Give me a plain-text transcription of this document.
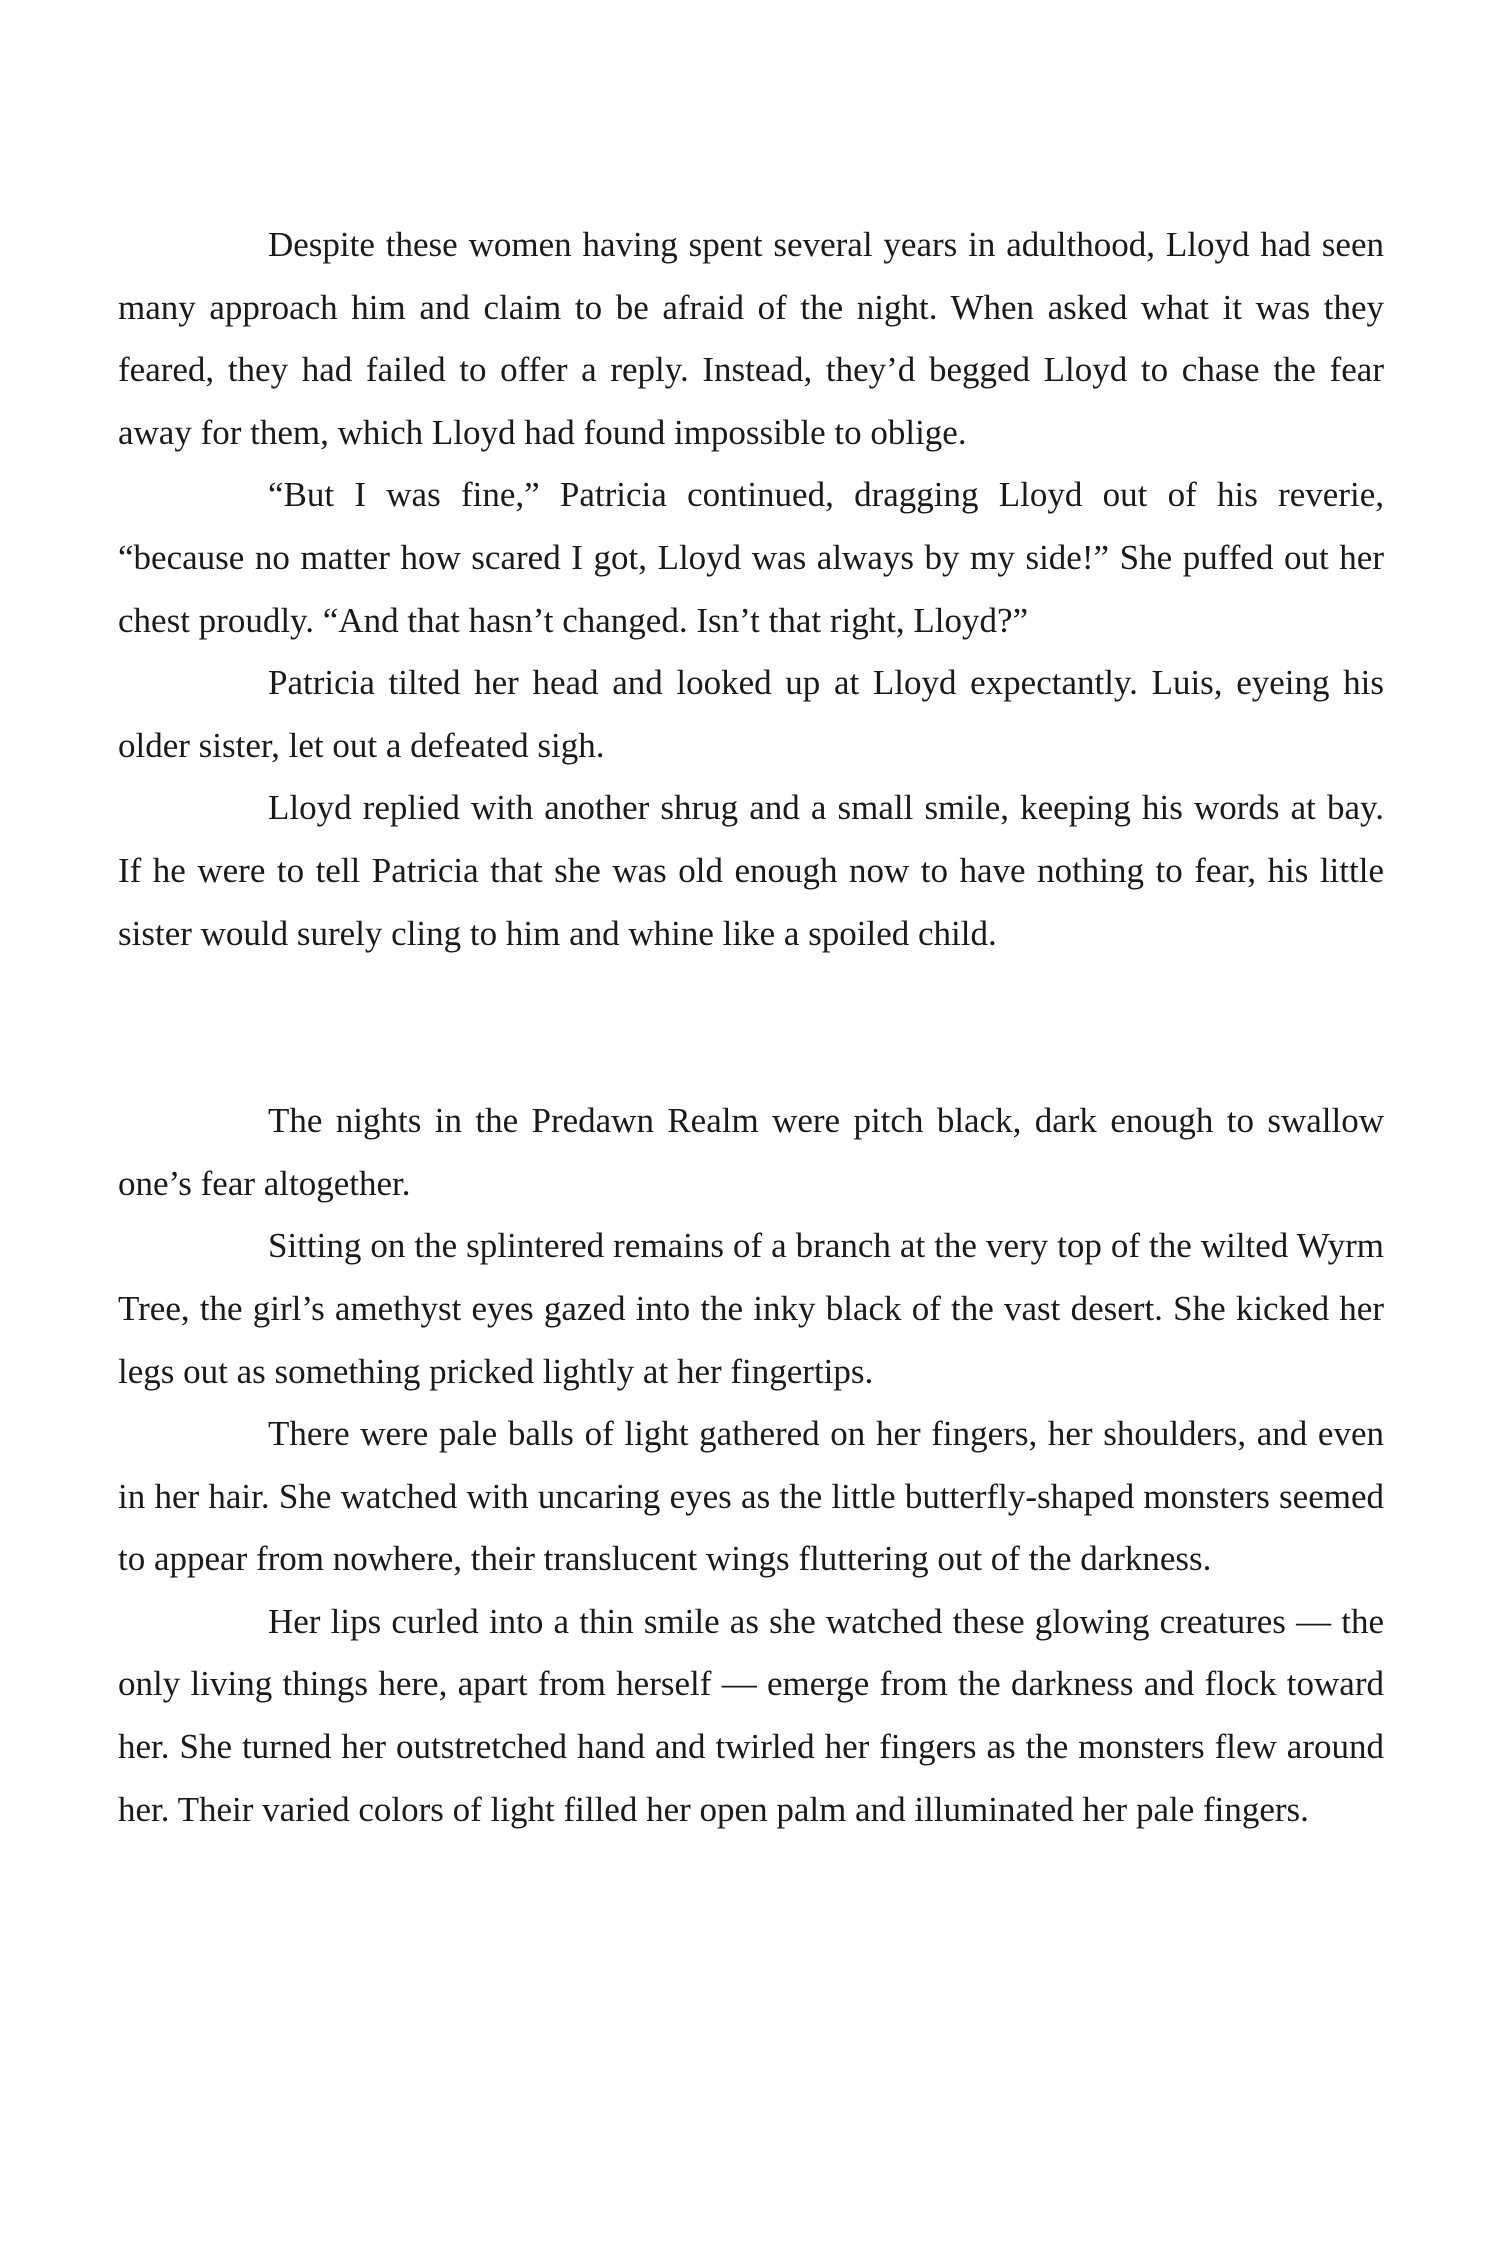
Despite these women having spent several years in adulthood, Lloyd had seen many approach him and claim to be afraid of the night. When asked what it was they feared, they had failed to offer a reply. Instead, they’d begged Lloyd to chase the fear away for them, which Lloyd had found impossible to oblige.

“But I was fine,” Patricia continued, dragging Lloyd out of his reverie, “because no matter how scared I got, Lloyd was always by my side!” She puffed out her chest proudly. “And that hasn’t changed. Isn’t that right, Lloyd?”

Patricia tilted her head and looked up at Lloyd expectantly. Luis, eyeing his older sister, let out a defeated sigh.

Lloyd replied with another shrug and a small smile, keeping his words at bay. If he were to tell Patricia that she was old enough now to have nothing to fear, his little sister would surely cling to him and whine like a spoiled child.

The nights in the Predawn Realm were pitch black, dark enough to swallow one’s fear altogether.

Sitting on the splintered remains of a branch at the very top of the wilted Wyrm Tree, the girl’s amethyst eyes gazed into the inky black of the vast desert. She kicked her legs out as something pricked lightly at her fingertips.

There were pale balls of light gathered on her fingers, her shoulders, and even in her hair. She watched with uncaring eyes as the little butterfly-shaped monsters seemed to appear from nowhere, their translucent wings fluttering out of the darkness.

Her lips curled into a thin smile as she watched these glowing creatures — the only living things here, apart from herself — emerge from the darkness and flock toward her. She turned her outstretched hand and twirled her fingers as the monsters flew around her. Their varied colors of light filled her open palm and illuminated her pale fingers.
